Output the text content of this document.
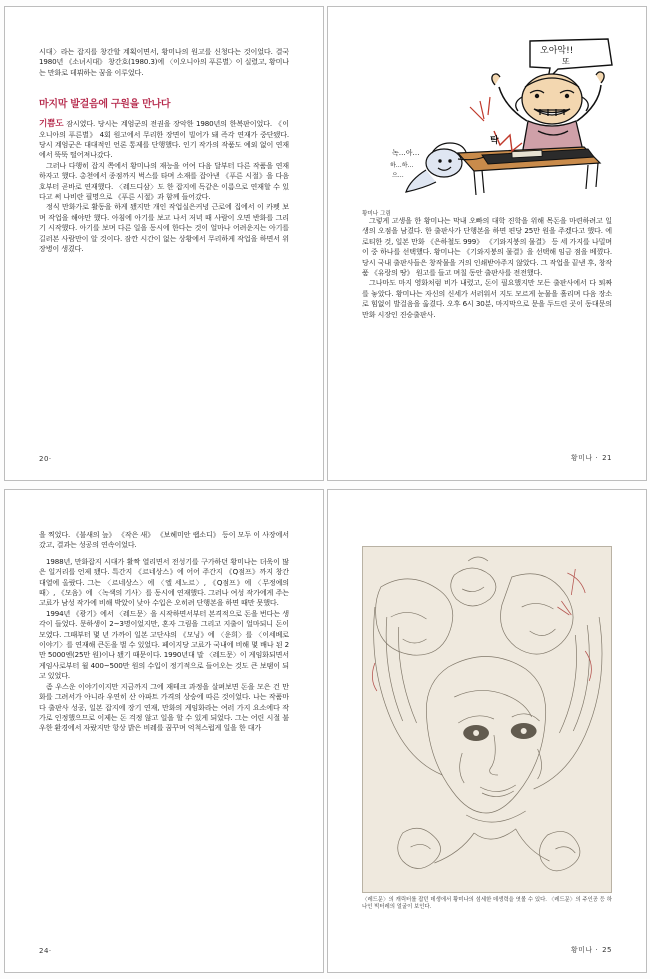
시대〉라는 잡지를 창간할 계획이면서, 황미나의 원고를 신청다는 것이었다. 결국 1980년 《소녀시대》 창간호(1980.3)에 〈이오니아의 푸른별〉이 실렸고, 황미나는 만화로 데뷔하는 꿈을 이루었다.

마지막 발걸음에 구원을 만나다

기쁨도 잠시였다. 당시는 계엄군의 전권을 장악한 1980년의 한복판이었다. 《이오니아의 푸른별》 4회 원고에서 무리한 장면이 빌어가 돼 즉각 연재가 중단됐다. 당시 계엄군은 대대적인 언론 통제를 단행했다. 인기 작가의 작품도 예외 없이 연재에서 뚝뚝 떨어져나갔다.

그러나 다행히 잡지 쪽에서 황미나의 재능을 어여 다음 달부터 다른 작품을 연재하자고 했다. 총천에서 종점까지 벅스를 타며 소재를 잡아낸 《푸른 시절》을 다음 호부터 곧바로 연재했다. 〈레드디삼〉도 한 잡지에 독같은 이름으로 연재할 수 있다고 써 나비란 필명으로 《푸른 시절》과 함께 들어갔다.

정식 만화가로 활동을 하게 됐지만 개인 작업실은커녕 근로에 집에서 이 카펫 보며 작업을 해야만 했다. 아침에 아기를 보고 나서 저녁 때 사람이 오면 반화를 그리기 시작했다. 아기를 보며 다른 일을 동시에 한다는 것이 얼마나 어려운지는 아기를 길러본 사람만이 알 것이다. 잠깐 시간이 없는 상황에서 무리하게 작업을 하면서 위장병이 생겼다.

20·
오아악!!
또
탁
녹…아…
하…하…
으…
황미나 그림

그렇게 고생을 한 황미나는 막내 오빠의 대학 진학을 위해 목돈을 마련하려고 일생의 오점을 남겼다. 한 출판사가 단행본을 하면 편당 25만 원을 주겠다고 했다. 에로티한 것, 일본 만화 《은하철도 999》 《기와지붕의 물결》 등 세 가지를 나밀며 이 중 하나를 선택했다. 황미나는 《기와지붕의 물결》을 선택해 임금 점을 베꼈다. 당시 국내 출판사들은 창작물을 거의 인쇄받아주지 않았다. 그 작업을 끝낸 후, 창작품 《유랑의 땅》 원고를 들고 며칠 동안 출판사를 전전했다.

그나마도 마지 영화처럼 비가 내렸고, 돈이 필요했지만 모든 출판사에서 다 퇴짜를 놓았다. 황미나는 자신의 신세가 서러워서 지도 모르게 눈물을 흘리며 다음 장소로 힘없이 발걸음을 옮겼다. 오후 6시 30분, 마지막으로 문을 두드린 곳이 동대문의 만화 시장인 진승출판사.

황미나 · 21

을 찍었다. 《불새의 늪》 《작은 새》 《보헤미안 랩소디》 등이 모두 이 사장에서 갔고, 결과는 성공의 연속이었다.

1988년, 만화잡지 시대가 활짝 열리면서 전성기를 구가하던 황미나는 더욱이 많은 일거리를 언제 됐다. 특간지 《르네상스》에 어어 주간지 《Q점프》까지 창간 대열에 올랐다. 그는 〈르네상스〉에 〈엘 세노르〉, 《Q점프》에 〈무정예의 때〉, 《모음》에 〈녹색의 기사〉를 동시에 연재했다. 그러나 여성 작가에게 주는 고료가 남성 작가에 비해 박았이 낮아 수입은 오히려 단행본을 하면 때만 못했다.

1994년 《광기》에서 〈레드문〉을 시작하면서부터 본격적으로 돈을 번다는 생각이 들었다. 문하생이 2~3명이었지만, 혼자 그림을 그리고 지출이 얼마되니 돈이 모였다. 그때부터 몇 년 가까이 일본 고단샤의 《모닝》에 〈운희〉를 〈이세베로 이야기〉를 연재해 큰돈을 벌 수 있었다. 페이지당 고료가 국내에 비해 몇 배나 된 2만 5000엔(25만 원)이나 됐기 때문이다. 1990년대 말 〈레드문〉이 게임화되면서 게임사로부터 월 400~500만 원의 수입이 정기적으로 들어오는 것도 큰 보탬이 되고 있었다.

좀 우스운 이야기이지만 지금까지 그에 재테크 과정을 살펴보면 돈을 모은 건 만화를 그려서가 아니라 우연히 산 아파트 가격의 상승에 따른 것이었다. 나는 작품마다 출판사 성공, 일본 잡지에 장기 연재, 만화의 게임화라는 여러 가지 요소에다 작가로 인정했으므로 이제는 돈 걱정 않고 일을 할 수 있게 되었다. 그는 어린 시절 불우한 환경에서 자랐지만 항상 밝은 비레를 꿈꾸며 억척스럽게 일을 한 대가

24·
〈레드문〉의 캐릭터를 잡던 데생에서 황미나의 섬세한 데생력을 엿볼 수 있다. 〈레드문〉의 주인공 등 하나인 빅터레의 얼굴이 보인다.
황미나 · 25
